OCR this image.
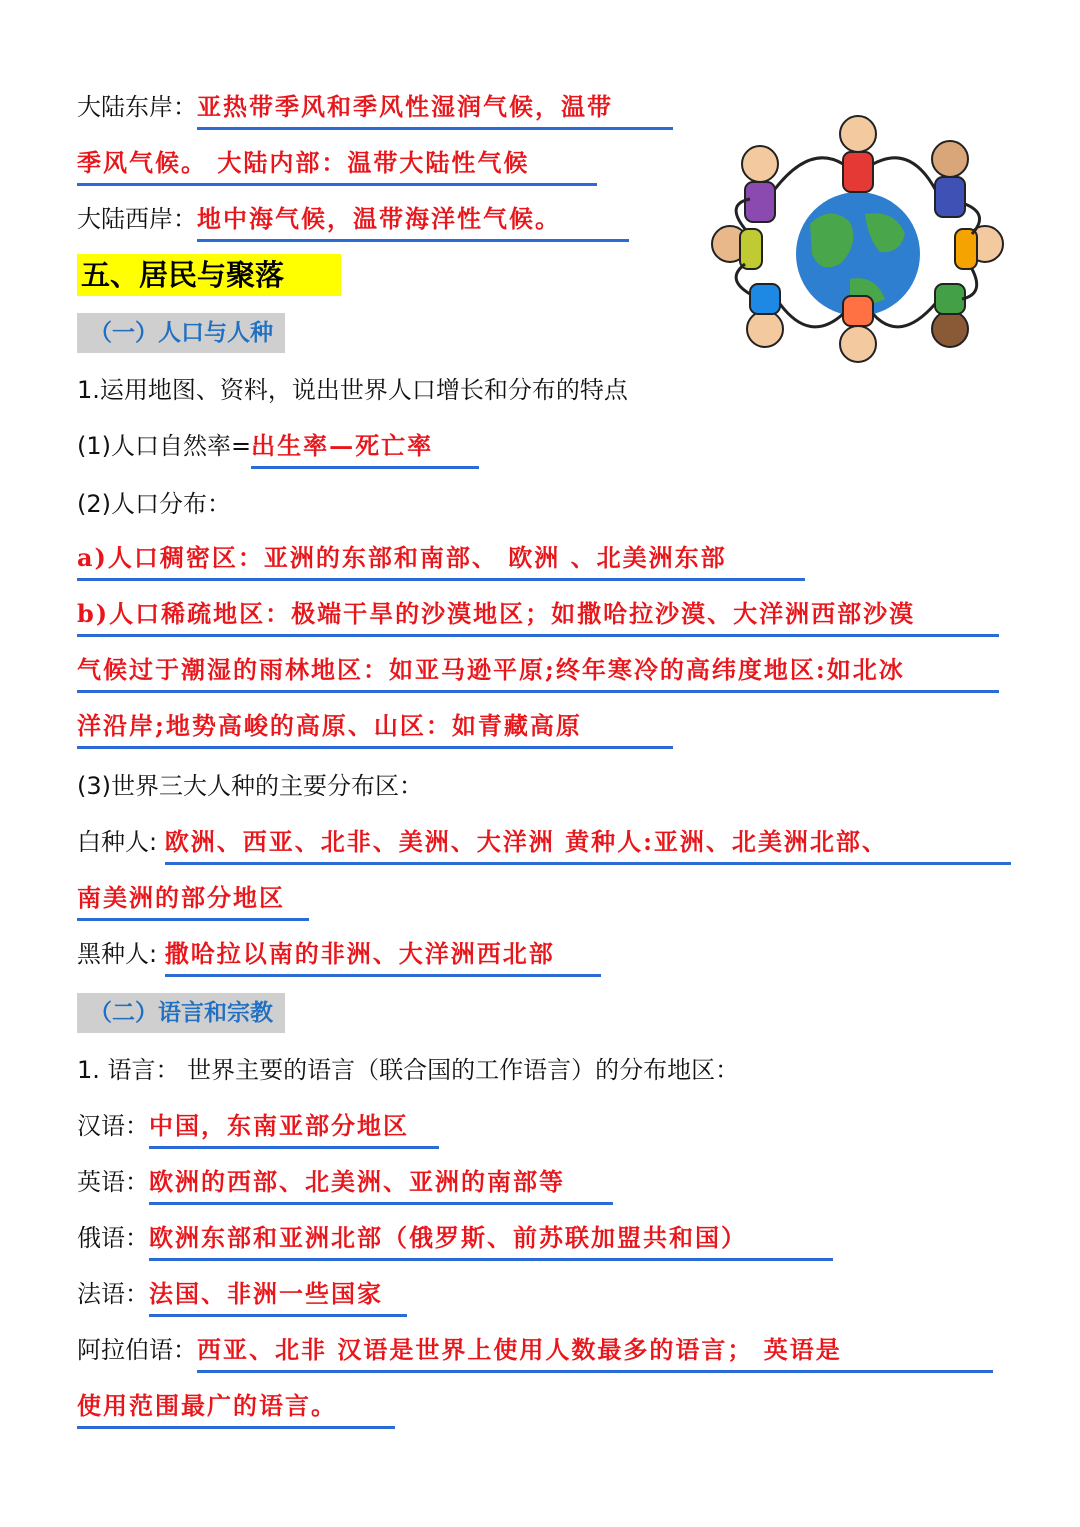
大陆东岸：亚热带季风和季风性湿润气候，温带
季风气候。 大陆内部：温带大陆性气候
大陆西岸：地中海气候，温带海洋性气候。
五、居民与聚落
（一）人口与人种
1.运用地图、资料，说出世界人口增长和分布的特点
(1)人口自然率=出生率—死亡率
(2)人口分布：
a)人口稠密区：亚洲的东部和南部、 欧洲 、北美洲东部
b)人口稀疏地区：极端干旱的沙漠地区；如撒哈拉沙漠、大洋洲西部沙漠
气候过于潮湿的雨林地区：如亚马逊平原;终年寒冷的高纬度地区:如北冰
洋沿岸;地势高峻的高原、山区：如青藏高原
(3)世界三大人种的主要分布区：
白种人: 欧洲、西亚、北非、美洲、大洋洲 黄种人:亚洲、北美洲北部、
南美洲的部分地区
黑种人: 撒哈拉以南的非洲、大洋洲西北部
（二）语言和宗教
1. 语言： 世界主要的语言（联合国的工作语言）的分布地区：
汉语：中国，东南亚部分地区
英语：欧洲的西部、北美洲、亚洲的南部等
俄语：欧洲东部和亚洲北部（俄罗斯、前苏联加盟共和国）
法语：法国、非洲一些国家
阿拉伯语：西亚、北非 汉语是世界上使用人数最多的语言； 英语是
使用范围最广的语言。
